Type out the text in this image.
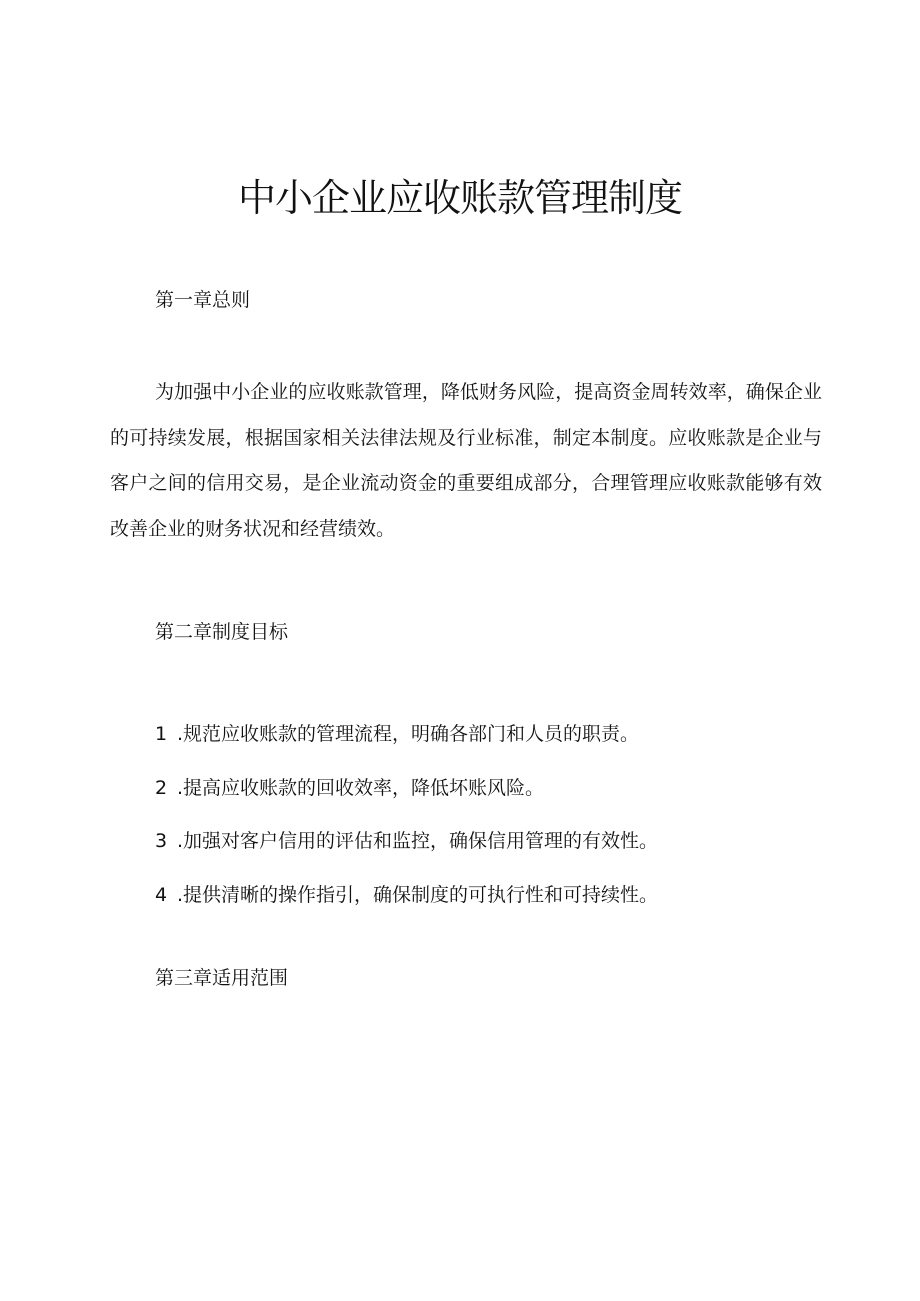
中小企业应收账款管理制度

第一章总则

为加强中小企业的应收账款管理，降低财务风险，提高资金周转效率，确保企业的可持续发展，根据国家相关法律法规及行业标准，制定本制度。应收账款是企业与客户之间的信用交易，是企业流动资金的重要组成部分，合理管理应收账款能够有效改善企业的财务状况和经营绩效。

第二章制度目标

1 .规范应收账款的管理流程，明确各部门和人员的职责。
2 .提高应收账款的回收效率，降低坏账风险。
3 .加强对客户信用的评估和监控，确保信用管理的有效性。
4 .提供清晰的操作指引，确保制度的可执行性和可持续性。

第三章适用范围
